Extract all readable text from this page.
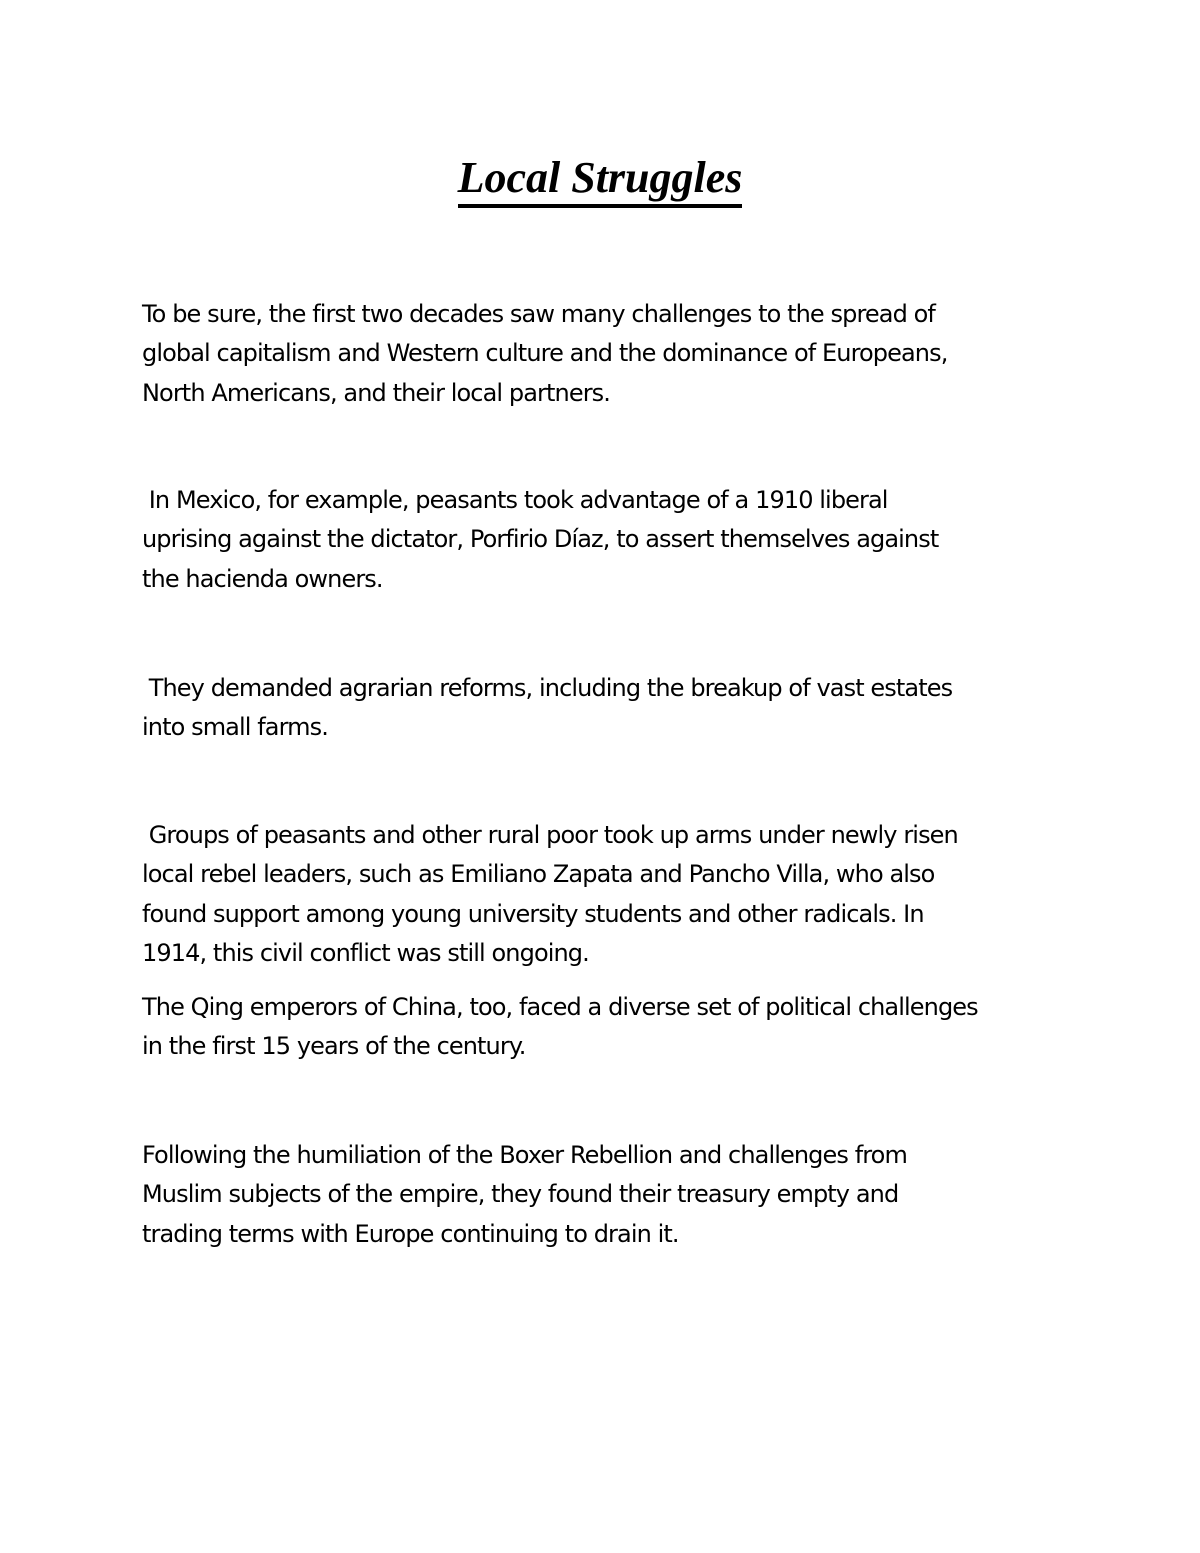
Local Struggles

To be sure, the first two decades saw many challenges to the spread of
global capitalism and Western culture and the dominance of Europeans,
North Americans, and their local partners.

In Mexico, for example, peasants took advantage of a 1910 liberal
uprising against the dictator, Porfirio Díaz, to assert themselves against
the hacienda owners.

They demanded agrarian reforms, including the breakup of vast estates
into small farms.

Groups of peasants and other rural poor took up arms under newly risen
local rebel leaders, such as Emiliano Zapata and Pancho Villa, who also
found support among young university students and other radicals. In
1914, this civil conflict was still ongoing.

The Qing emperors of China, too, faced a diverse set of political challenges
in the first 15 years of the century.

Following the humiliation of the Boxer Rebellion and challenges from
Muslim subjects of the empire, they found their treasury empty and
trading terms with Europe continuing to drain it.
